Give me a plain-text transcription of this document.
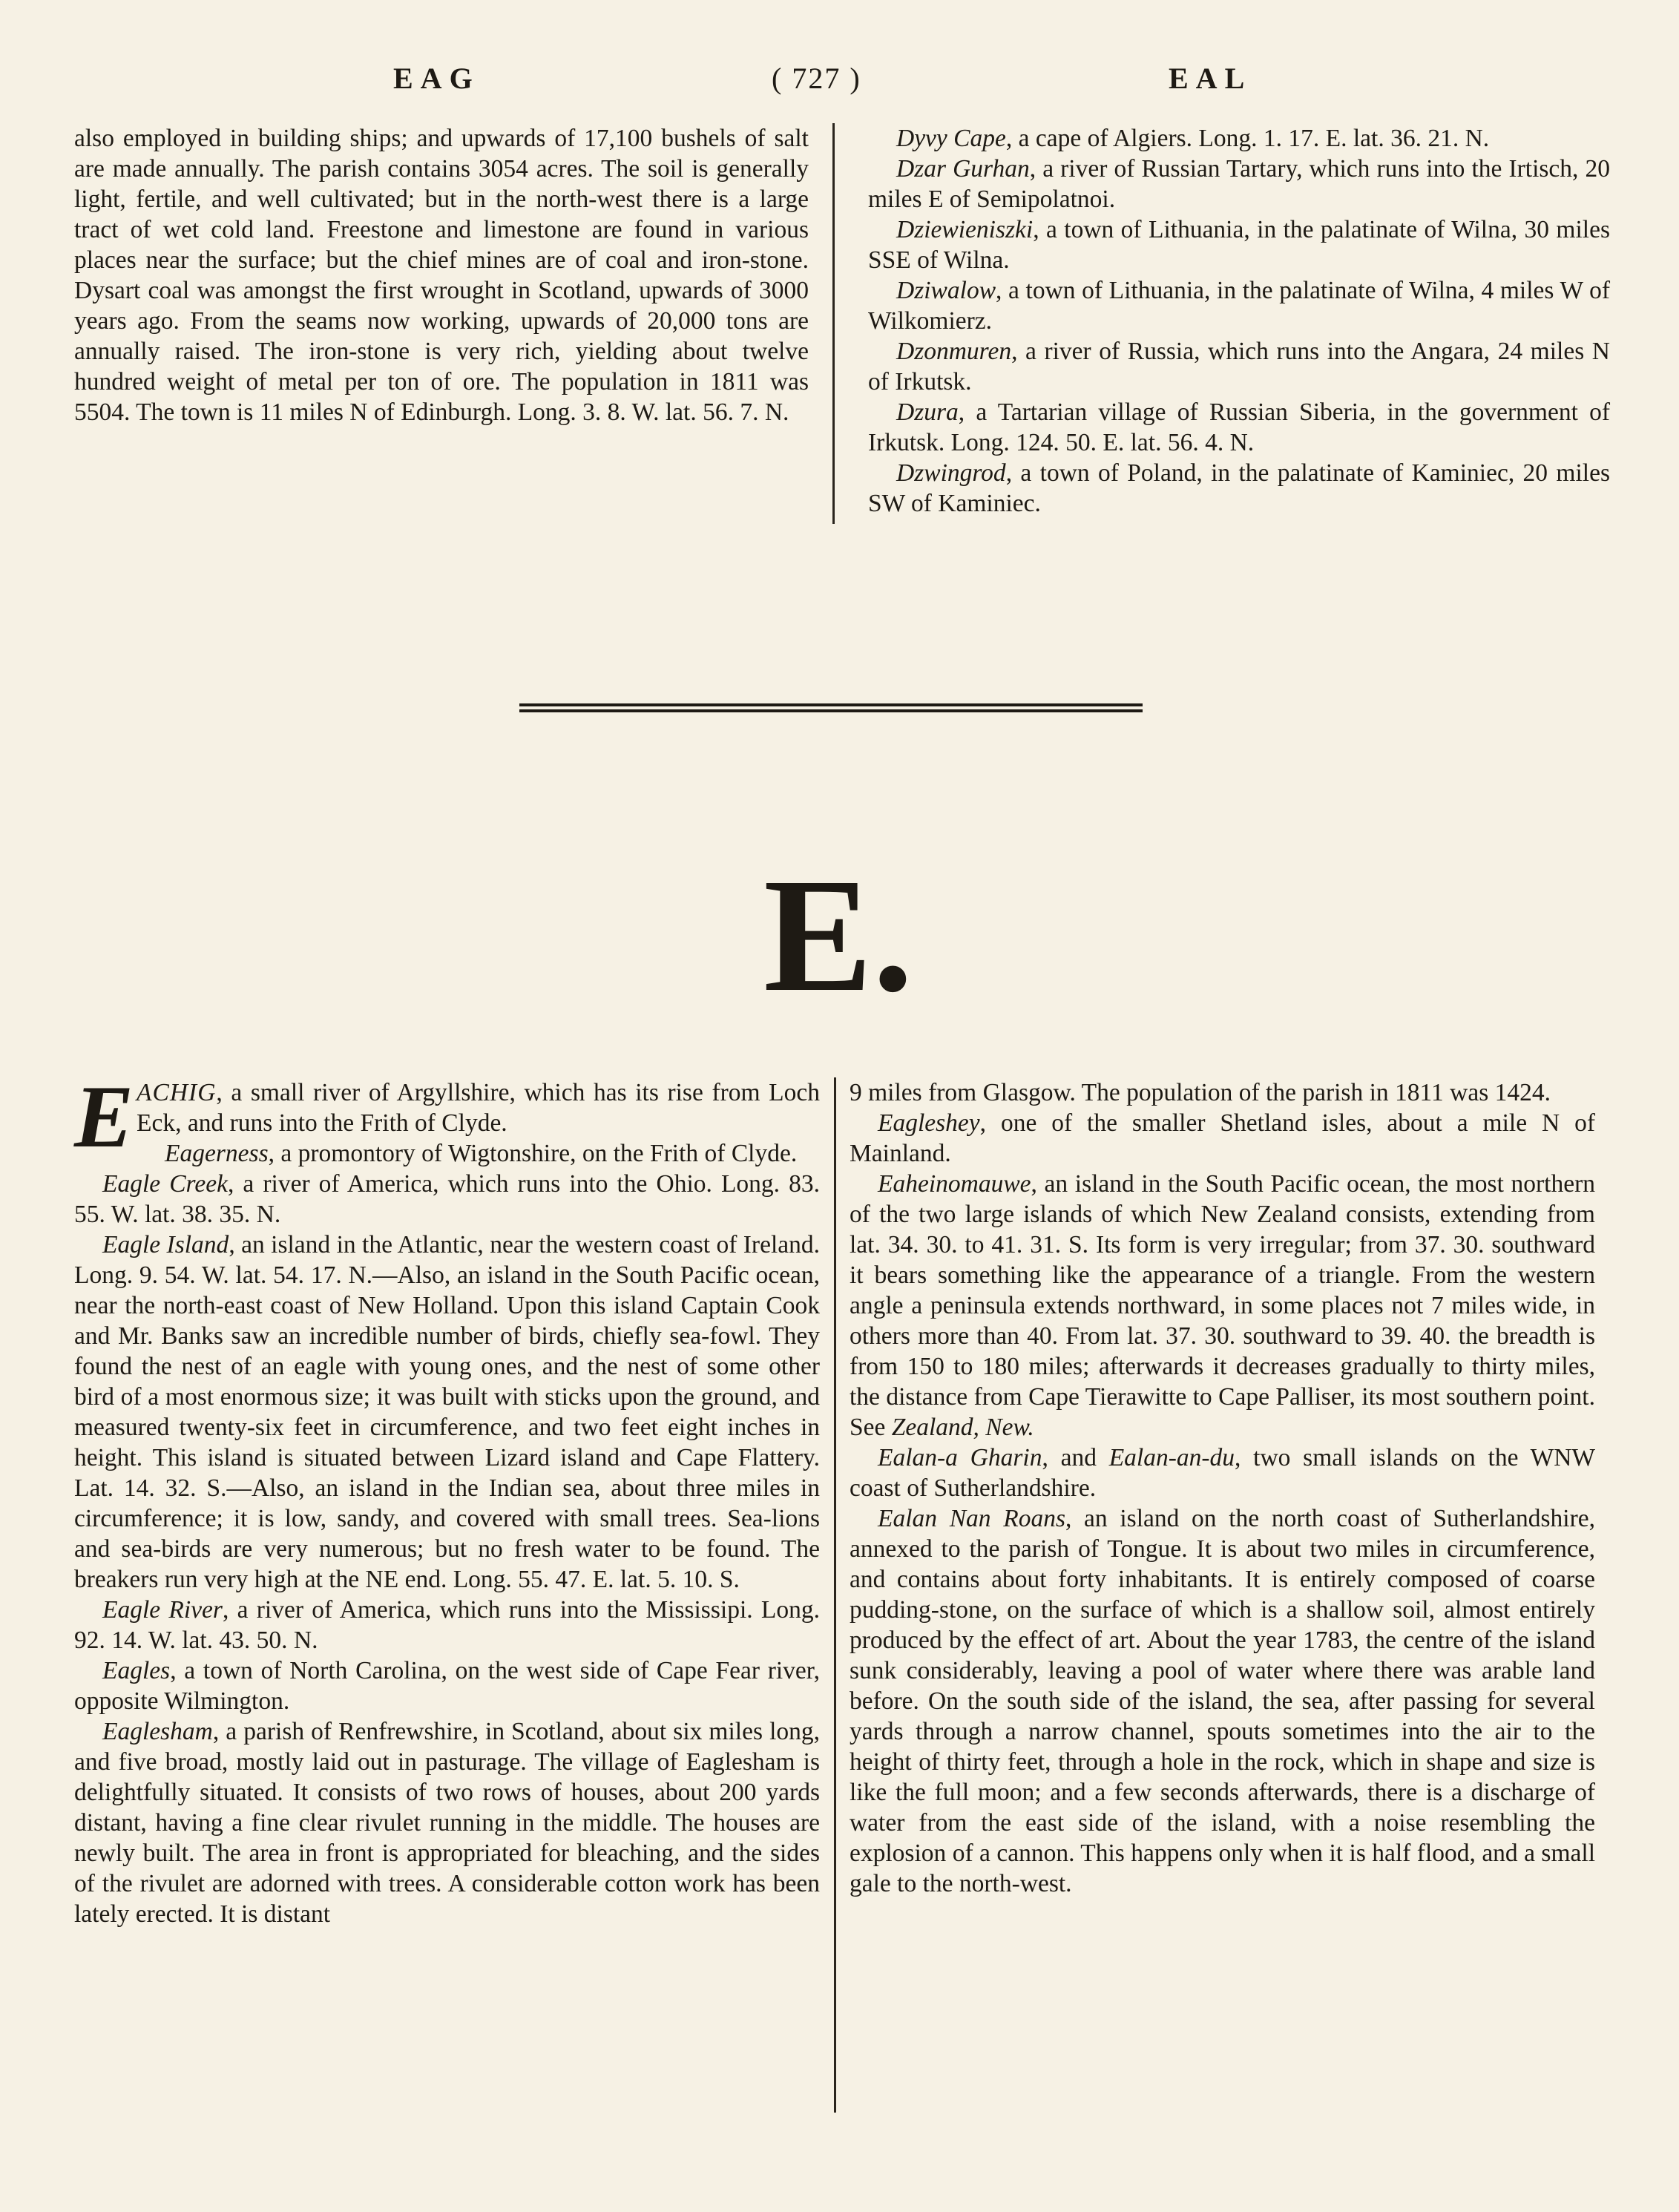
EAG	( 727 )	EAL

also employed in building ships; and upwards of 17,100 bushels of salt are made annually. The parish contains 3054 acres. The soil is generally light, fertile, and well cultivated; but in the north-west there is a large tract of wet cold land. Freestone and limestone are found in various places near the surface; but the chief mines are of coal and iron-stone. Dysart coal was amongst the first wrought in Scotland, upwards of 3000 years ago. From the seams now working, upwards of 20,000 tons are annually raised. The iron-stone is very rich, yielding about twelve hundred weight of metal per ton of ore. The population in 1811 was 5504. The town is 11 miles N of Edinburgh. Long. 3. 8. W. lat. 56. 7. N.

Dyvy Cape, a cape of Algiers. Long. 1. 17. E. lat. 36. 21. N.

Dzar Gurhan, a river of Russian Tartary, which runs into the Irtisch, 20 miles E of Semipolatnoi.

Dziewieniszki, a town of Lithuania, in the palatinate of Wilna, 30 miles SSE of Wilna.

Dziwalow, a town of Lithuania, in the palatinate of Wilna, 4 miles W of Wilkomierz.

Dzonmuren, a river of Russia, which runs into the Angara, 24 miles N of Irkutsk.

Dzura, a Tartarian village of Russian Siberia, in the government of Irkutsk. Long. 124. 50. E. lat. 56. 4. N.

Dzwingrod, a town of Poland, in the palatinate of Kaminiec, 20 miles SW of Kaminiec.

E.

EACHIG, a small river of Argyllshire, which has its rise from Loch Eck, and runs into the Frith of Clyde.

Eagerness, a promontory of Wigtonshire, on the Frith of Clyde.

Eagle Creek, a river of America, which runs into the Ohio. Long. 83. 55. W. lat. 38. 35. N.

Eagle Island, an island in the Atlantic, near the western coast of Ireland. Long. 9. 54. W. lat. 54. 17. N.—Also, an island in the South Pacific ocean, near the north-east coast of New Holland. Upon this island Captain Cook and Mr. Banks saw an incredible number of birds, chiefly sea-fowl. They found the nest of an eagle with young ones, and the nest of some other bird of a most enormous size; it was built with sticks upon the ground, and measured twenty-six feet in circumference, and two feet eight inches in height. This island is situated between Lizard island and Cape Flattery. Lat. 14. 32. S.—Also, an island in the Indian sea, about three miles in circumference; it is low, sandy, and covered with small trees. Sea-lions and sea-birds are very numerous; but no fresh water to be found. The breakers run very high at the NE end. Long. 55. 47. E. lat. 5. 10. S.

Eagle River, a river of America, which runs into the Mississipi. Long. 92. 14. W. lat. 43. 50. N.

Eagles, a town of North Carolina, on the west side of Cape Fear river, opposite Wilmington.

Eaglesham, a parish of Renfrewshire, in Scotland, about six miles long, and five broad, mostly laid out in pasturage. The village of Eaglesham is delightfully situated. It consists of two rows of houses, about 200 yards distant, having a fine clear rivulet running in the middle. The houses are newly built. The area in front is appropriated for bleaching, and the sides of the rivulet are adorned with trees. A considerable cotton work has been lately erected. It is distant

9 miles from Glasgow. The population of the parish in 1811 was 1424.

Eagleshey, one of the smaller Shetland isles, about a mile N of Mainland.

Eaheinomauwe, an island in the South Pacific ocean, the most northern of the two large islands of which New Zealand consists, extending from lat. 34. 30. to 41. 31. S. Its form is very irregular; from 37. 30. southward it bears something like the appearance of a triangle. From the western angle a peninsula extends northward, in some places not 7 miles wide, in others more than 40. From lat. 37. 30. southward to 39. 40. the breadth is from 150 to 180 miles; afterwards it decreases gradually to thirty miles, the distance from Cape Tierawitte to Cape Palliser, its most southern point. See Zealand, New.

Ealan-a Gharin, and Ealan-an-du, two small islands on the WNW coast of Sutherlandshire.

Ealan Nan Roans, an island on the north coast of Sutherlandshire, annexed to the parish of Tongue. It is about two miles in circumference, and contains about forty inhabitants. It is entirely composed of coarse pudding-stone, on the surface of which is a shallow soil, almost entirely produced by the effect of art. About the year 1783, the centre of the island sunk considerably, leaving a pool of water where there was arable land before. On the south side of the island, the sea, after passing for several yards through a narrow channel, spouts sometimes into the air to the height of thirty feet, through a hole in the rock, which in shape and size is like the full moon; and a few seconds afterwards, there is a discharge of water from the east side of the island, with a noise resembling the explosion of a cannon. This happens only when it is half flood, and a small gale to the north-west.
